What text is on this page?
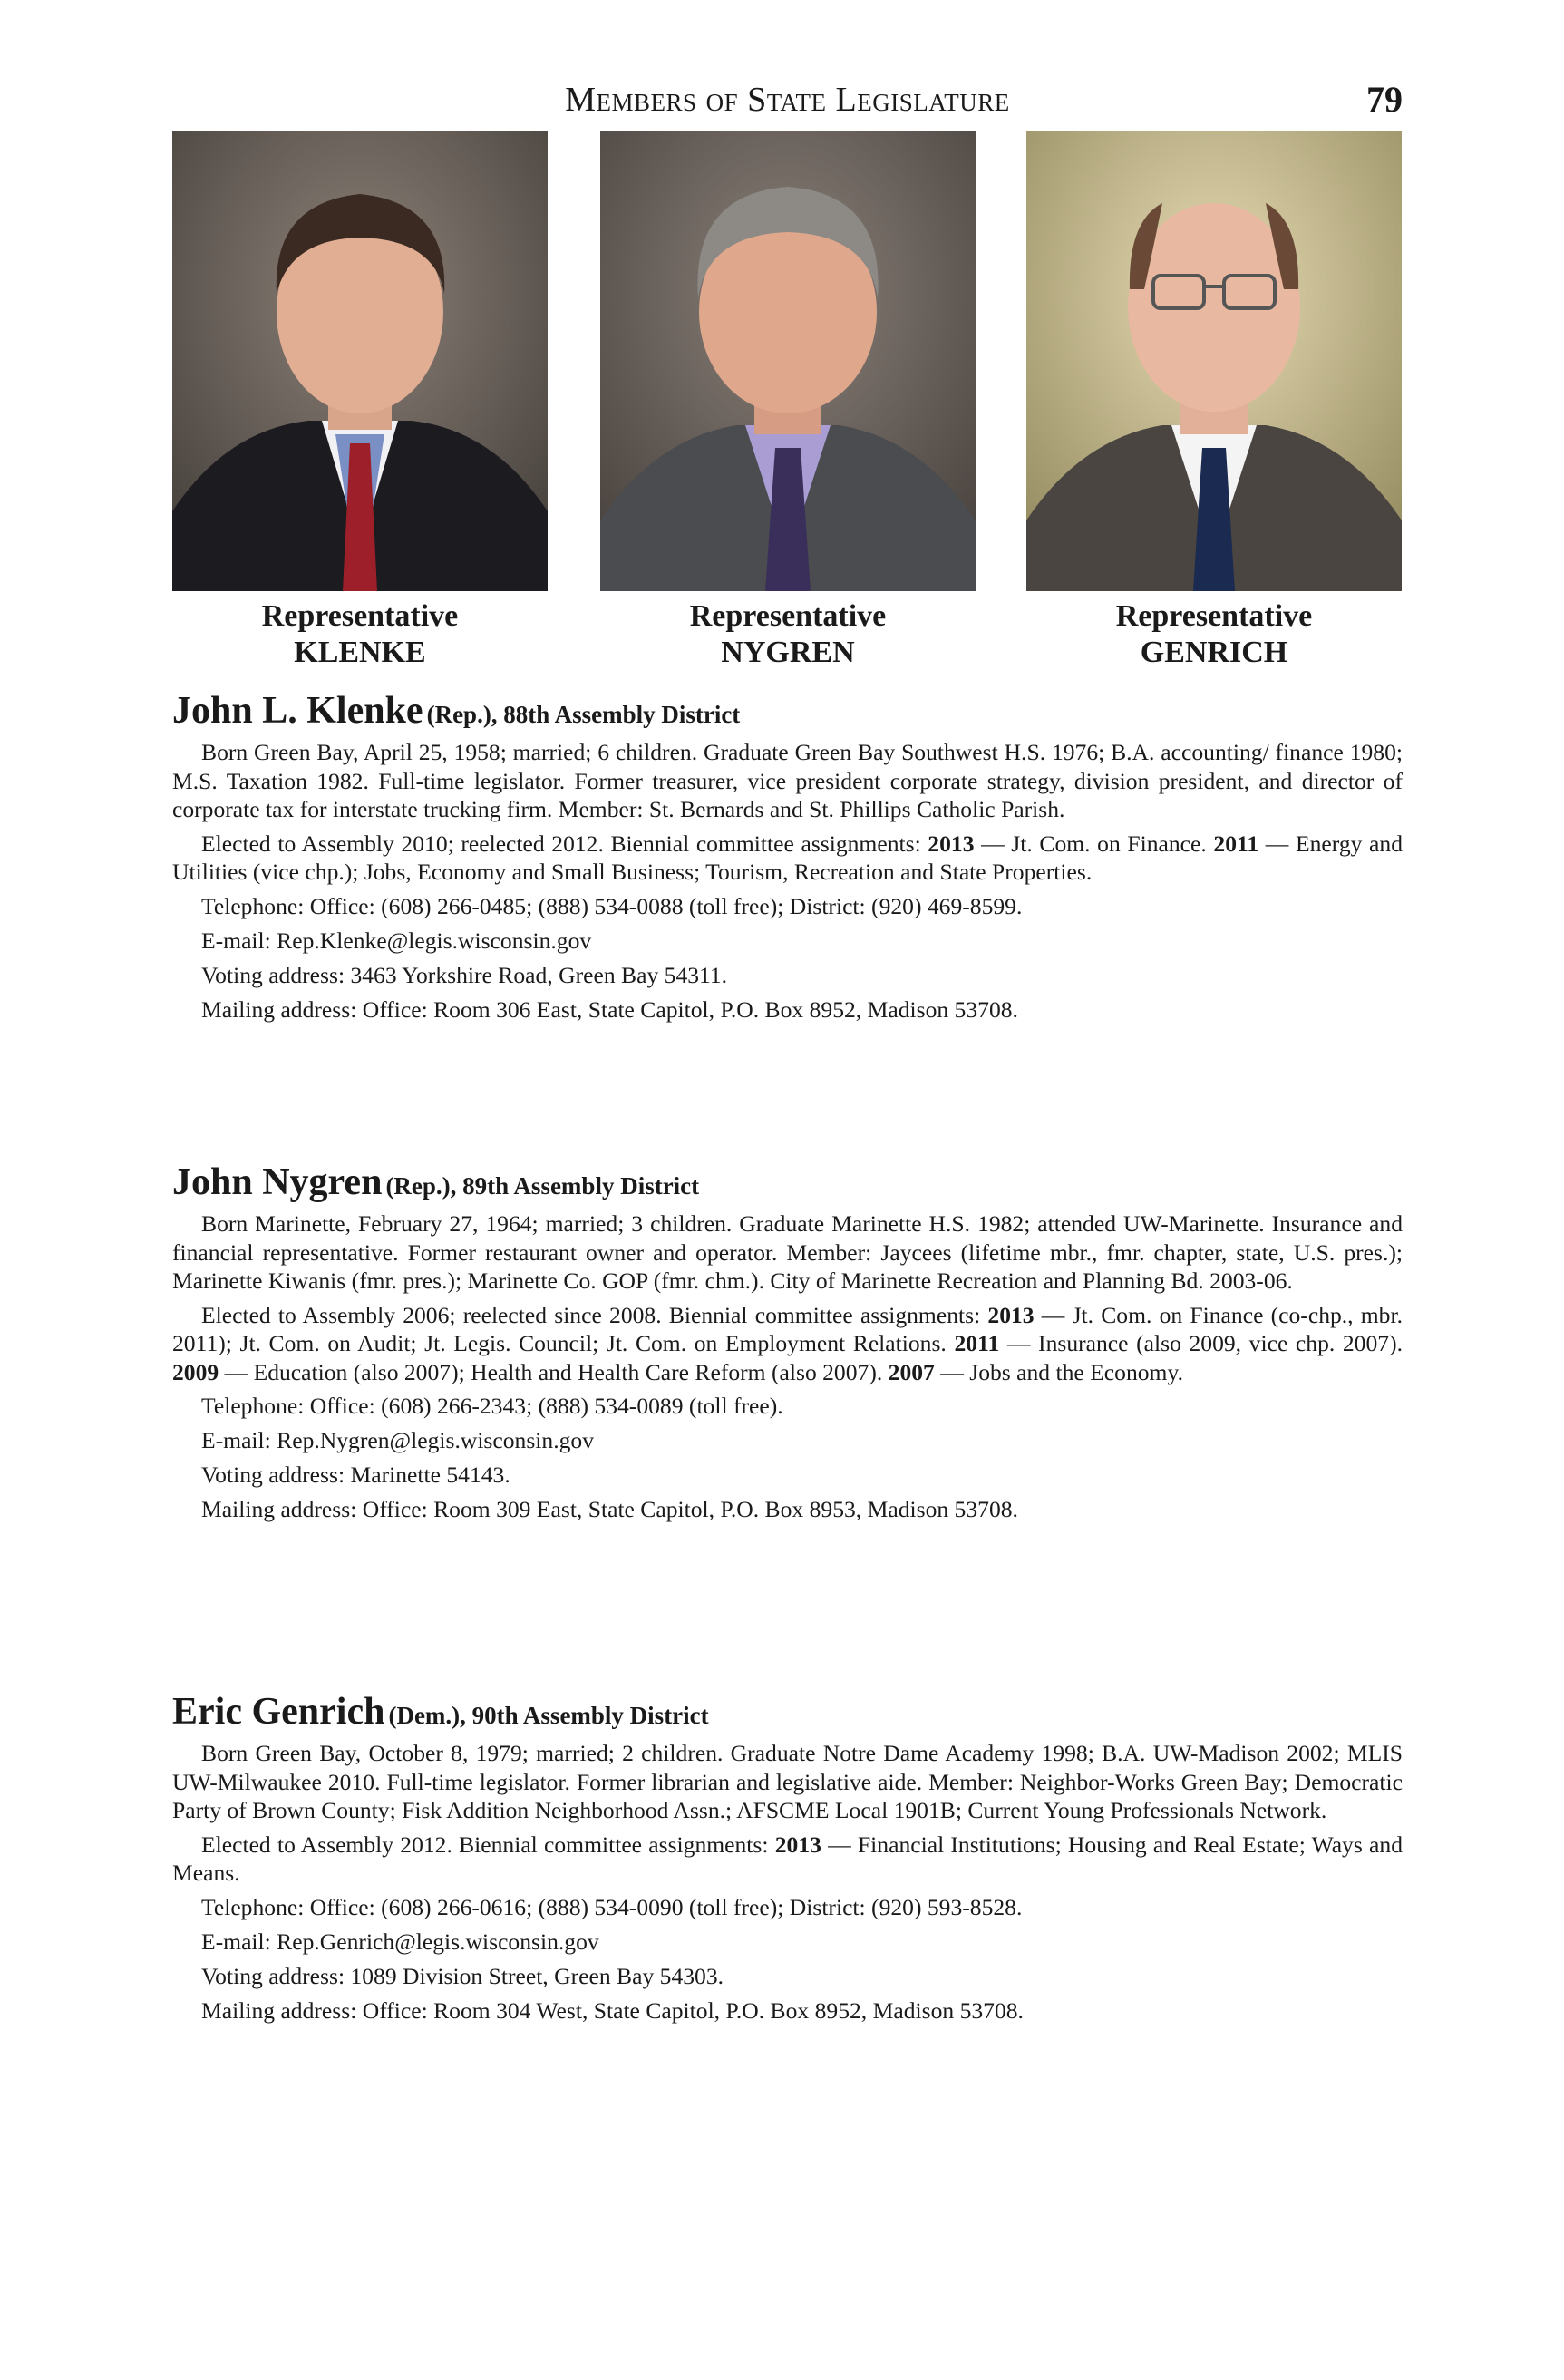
Members of State Legislature	79
Representative
KLENKE
Representative
NYGREN
Representative
GENRICH
John L. Klenke (Rep.), 88th Assembly District

Born Green Bay, April 25, 1958; married; 6 children. Graduate Green Bay Southwest H.S. 1976; B.A. accounting/ finance 1980; M.S. Taxation 1982. Full-time legislator. Former treasurer, vice president corporate strategy, division president, and director of corporate tax for interstate trucking firm. Member: St. Bernards and St. Phillips Catholic Parish.

Elected to Assembly 2010; reelected 2012. Biennial committee assignments: 2013 — Jt. Com. on Finance. 2011 — Energy and Utilities (vice chp.); Jobs, Economy and Small Business; Tourism, Recreation and State Properties.

Telephone: Office: (608) 266-0485; (888) 534-0088 (toll free); District: (920) 469-8599.
E-mail: Rep.Klenke@legis.wisconsin.gov
Voting address: 3463 Yorkshire Road, Green Bay 54311.
Mailing address: Office: Room 306 East, State Capitol, P.O. Box 8952, Madison 53708.
John Nygren (Rep.), 89th Assembly District

Born Marinette, February 27, 1964; married; 3 children. Graduate Marinette H.S. 1982; attended UW-Marinette. Insurance and financial representative. Former restaurant owner and operator. Member: Jaycees (lifetime mbr., fmr. chapter, state, U.S. pres.); Marinette Kiwanis (fmr. pres.); Marinette Co. GOP (fmr. chm.). City of Marinette Recreation and Planning Bd. 2003-06.

Elected to Assembly 2006; reelected since 2008. Biennial committee assignments: 2013 — Jt. Com. on Finance (co-chp., mbr. 2011); Jt. Com. on Audit; Jt. Legis. Council; Jt. Com. on Employment Relations. 2011 — Insurance (also 2009, vice chp. 2007). 2009 — Education (also 2007); Health and Health Care Reform (also 2007). 2007 — Jobs and the Economy.

Telephone: Office: (608) 266-2343; (888) 534-0089 (toll free).
E-mail: Rep.Nygren@legis.wisconsin.gov
Voting address: Marinette 54143.
Mailing address: Office: Room 309 East, State Capitol, P.O. Box 8953, Madison 53708.
Eric Genrich (Dem.), 90th Assembly District

Born Green Bay, October 8, 1979; married; 2 children. Graduate Notre Dame Academy 1998; B.A. UW-Madison 2002; MLIS UW-Milwaukee 2010. Full-time legislator. Former librarian and legislative aide. Member: Neighbor-Works Green Bay; Democratic Party of Brown County; Fisk Addition Neighborhood Assn.; AFSCME Local 1901B; Current Young Professionals Network.

Elected to Assembly 2012. Biennial committee assignments: 2013 — Financial Institutions; Housing and Real Estate; Ways and Means.

Telephone: Office: (608) 266-0616; (888) 534-0090 (toll free); District: (920) 593-8528.
E-mail: Rep.Genrich@legis.wisconsin.gov
Voting address: 1089 Division Street, Green Bay 54303.
Mailing address: Office: Room 304 West, State Capitol, P.O. Box 8952, Madison 53708.
